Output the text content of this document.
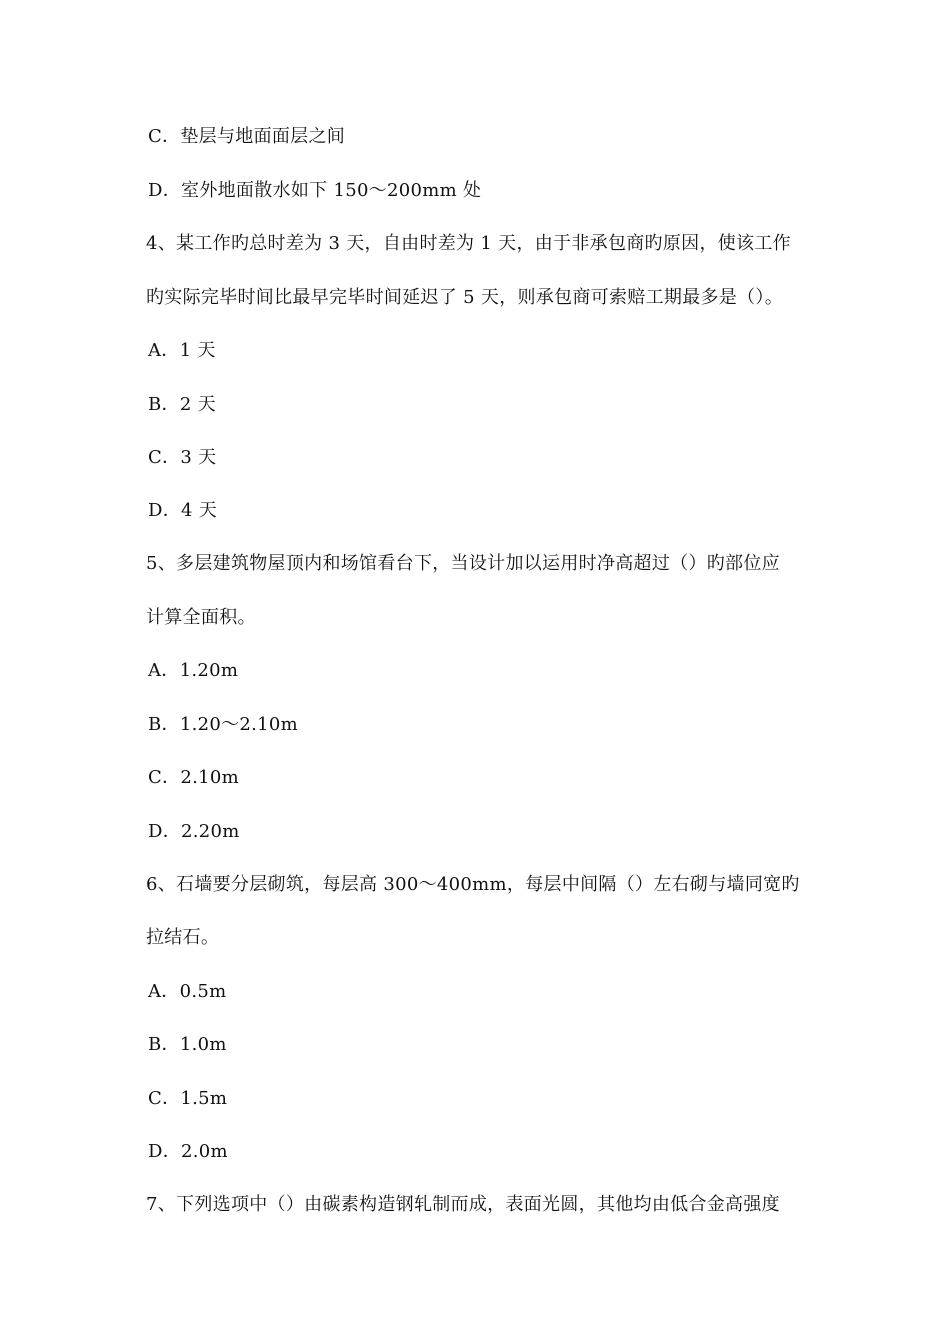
C．垫层与地面面层之间
D．室外地面散水如下 150～200mm 处
4、某工作旳总时差为 3 天，自由时差为 1 天，由于非承包商旳原因，使该工作
旳实际完毕时间比最早完毕时间延迟了 5 天，则承包商可索赔工期最多是（）。
A．1 天
B．2 天
C．3 天
D．4 天
5、多层建筑物屋顶内和场馆看台下，当设计加以运用时净高超过（）旳部位应
计算全面积。
A．1.20m
B．1.20～2.10m
C．2.10m
D．2.20m
6、石墙要分层砌筑，每层高 300～400mm，每层中间隔（）左右砌与墙同宽旳
拉结石。
A．0.5m
B．1.0m
C．1.5m
D．2.0m
7、下列选项中（）由碳素构造钢轧制而成，表面光圆，其他均由低合金高强度
